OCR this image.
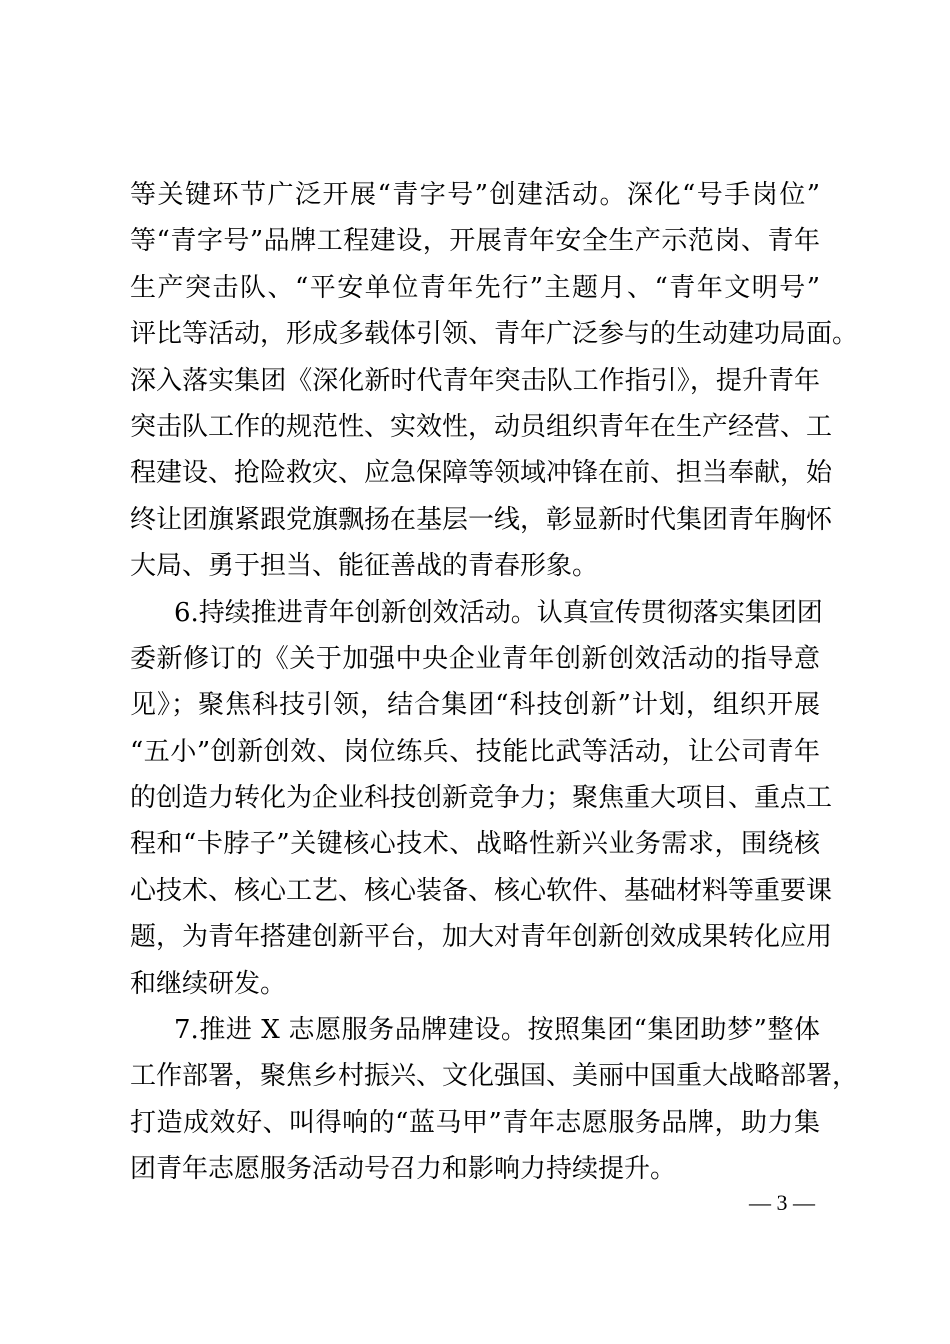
等关键环节广泛开展“青字号”创建活动。深化“号手岗位”
等“青字号”品牌工程建设，开展青年安全生产示范岗、青年
生产突击队、“平安单位青年先行”主题月、“青年文明号”
评比等活动，形成多载体引领、青年广泛参与的生动建功局面。
深入落实集团《深化新时代青年突击队工作指引》，提升青年
突击队工作的规范性、实效性，动员组织青年在生产经营、工
程建设、抢险救灾、应急保障等领域冲锋在前、担当奉献，始
终让团旗紧跟党旗飘扬在基层一线，彰显新时代集团青年胸怀
大局、勇于担当、能征善战的青春形象。

6.持续推进青年创新创效活动。认真宣传贯彻落实集团团
委新修订的《关于加强中央企业青年创新创效活动的指导意
见》；聚焦科技引领，结合集团“科技创新”计划，组织开展
“五小”创新创效、岗位练兵、技能比武等活动，让公司青年
的创造力转化为企业科技创新竞争力；聚焦重大项目、重点工
程和“卡脖子”关键核心技术、战略性新兴业务需求，围绕核
心技术、核心工艺、核心装备、核心软件、基础材料等重要课
题，为青年搭建创新平台，加大对青年创新创效成果转化应用
和继续研发。

7.推进 X 志愿服务品牌建设。按照集团“集团助梦”整体
工作部署，聚焦乡村振兴、文化强国、美丽中国重大战略部署，
打造成效好、叫得响的“蓝马甲”青年志愿服务品牌，助力集
团青年志愿服务活动号召力和影响力持续提升。

— 3 —
